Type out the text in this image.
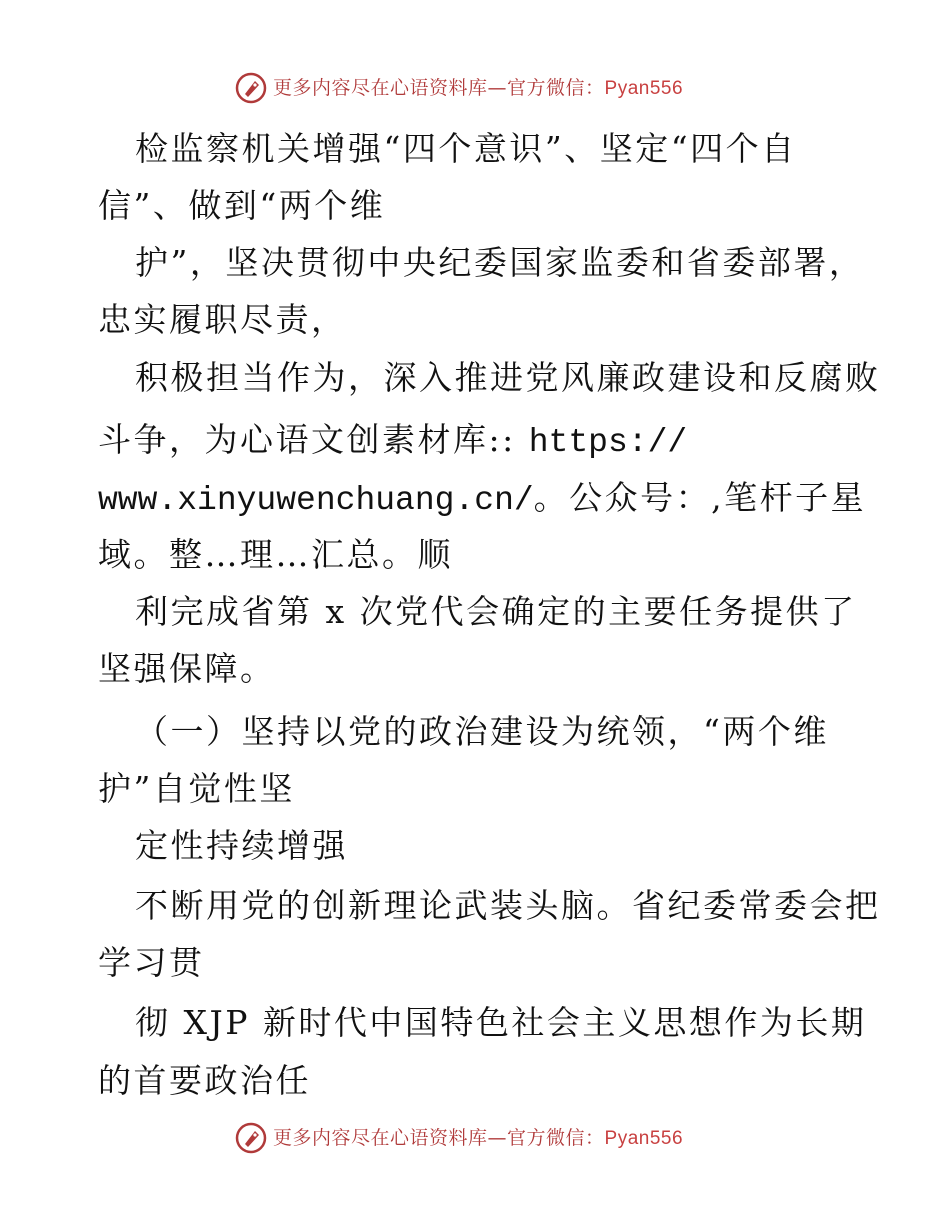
更多内容尽在心语资料库—官方微信：Pyan556
检监察机关增强“四个意识”、坚定“四个自
信”、做到“两个维
护”，坚决贯彻中央纪委国家监委和省委部署，
忠实履职尽责，
积极担当作为，深入推进党风廉政建设和反腐败
斗争，为心语文创素材库:: https://
www.xinyuwenchuang.cn/。公众号：,笔杆子星
域。整…理…汇总。顺
利完成省第 x 次党代会确定的主要任务提供了
坚强保障。
（一）坚持以党的政治建设为统领，“两个维
护”自觉性坚
定性持续增强
不断用党的创新理论武装头脑。省纪委常委会把
学习贯
彻 XJP 新时代中国特色社会主义思想作为长期
的首要政治任
更多内容尽在心语资料库—官方微信：Pyan556
